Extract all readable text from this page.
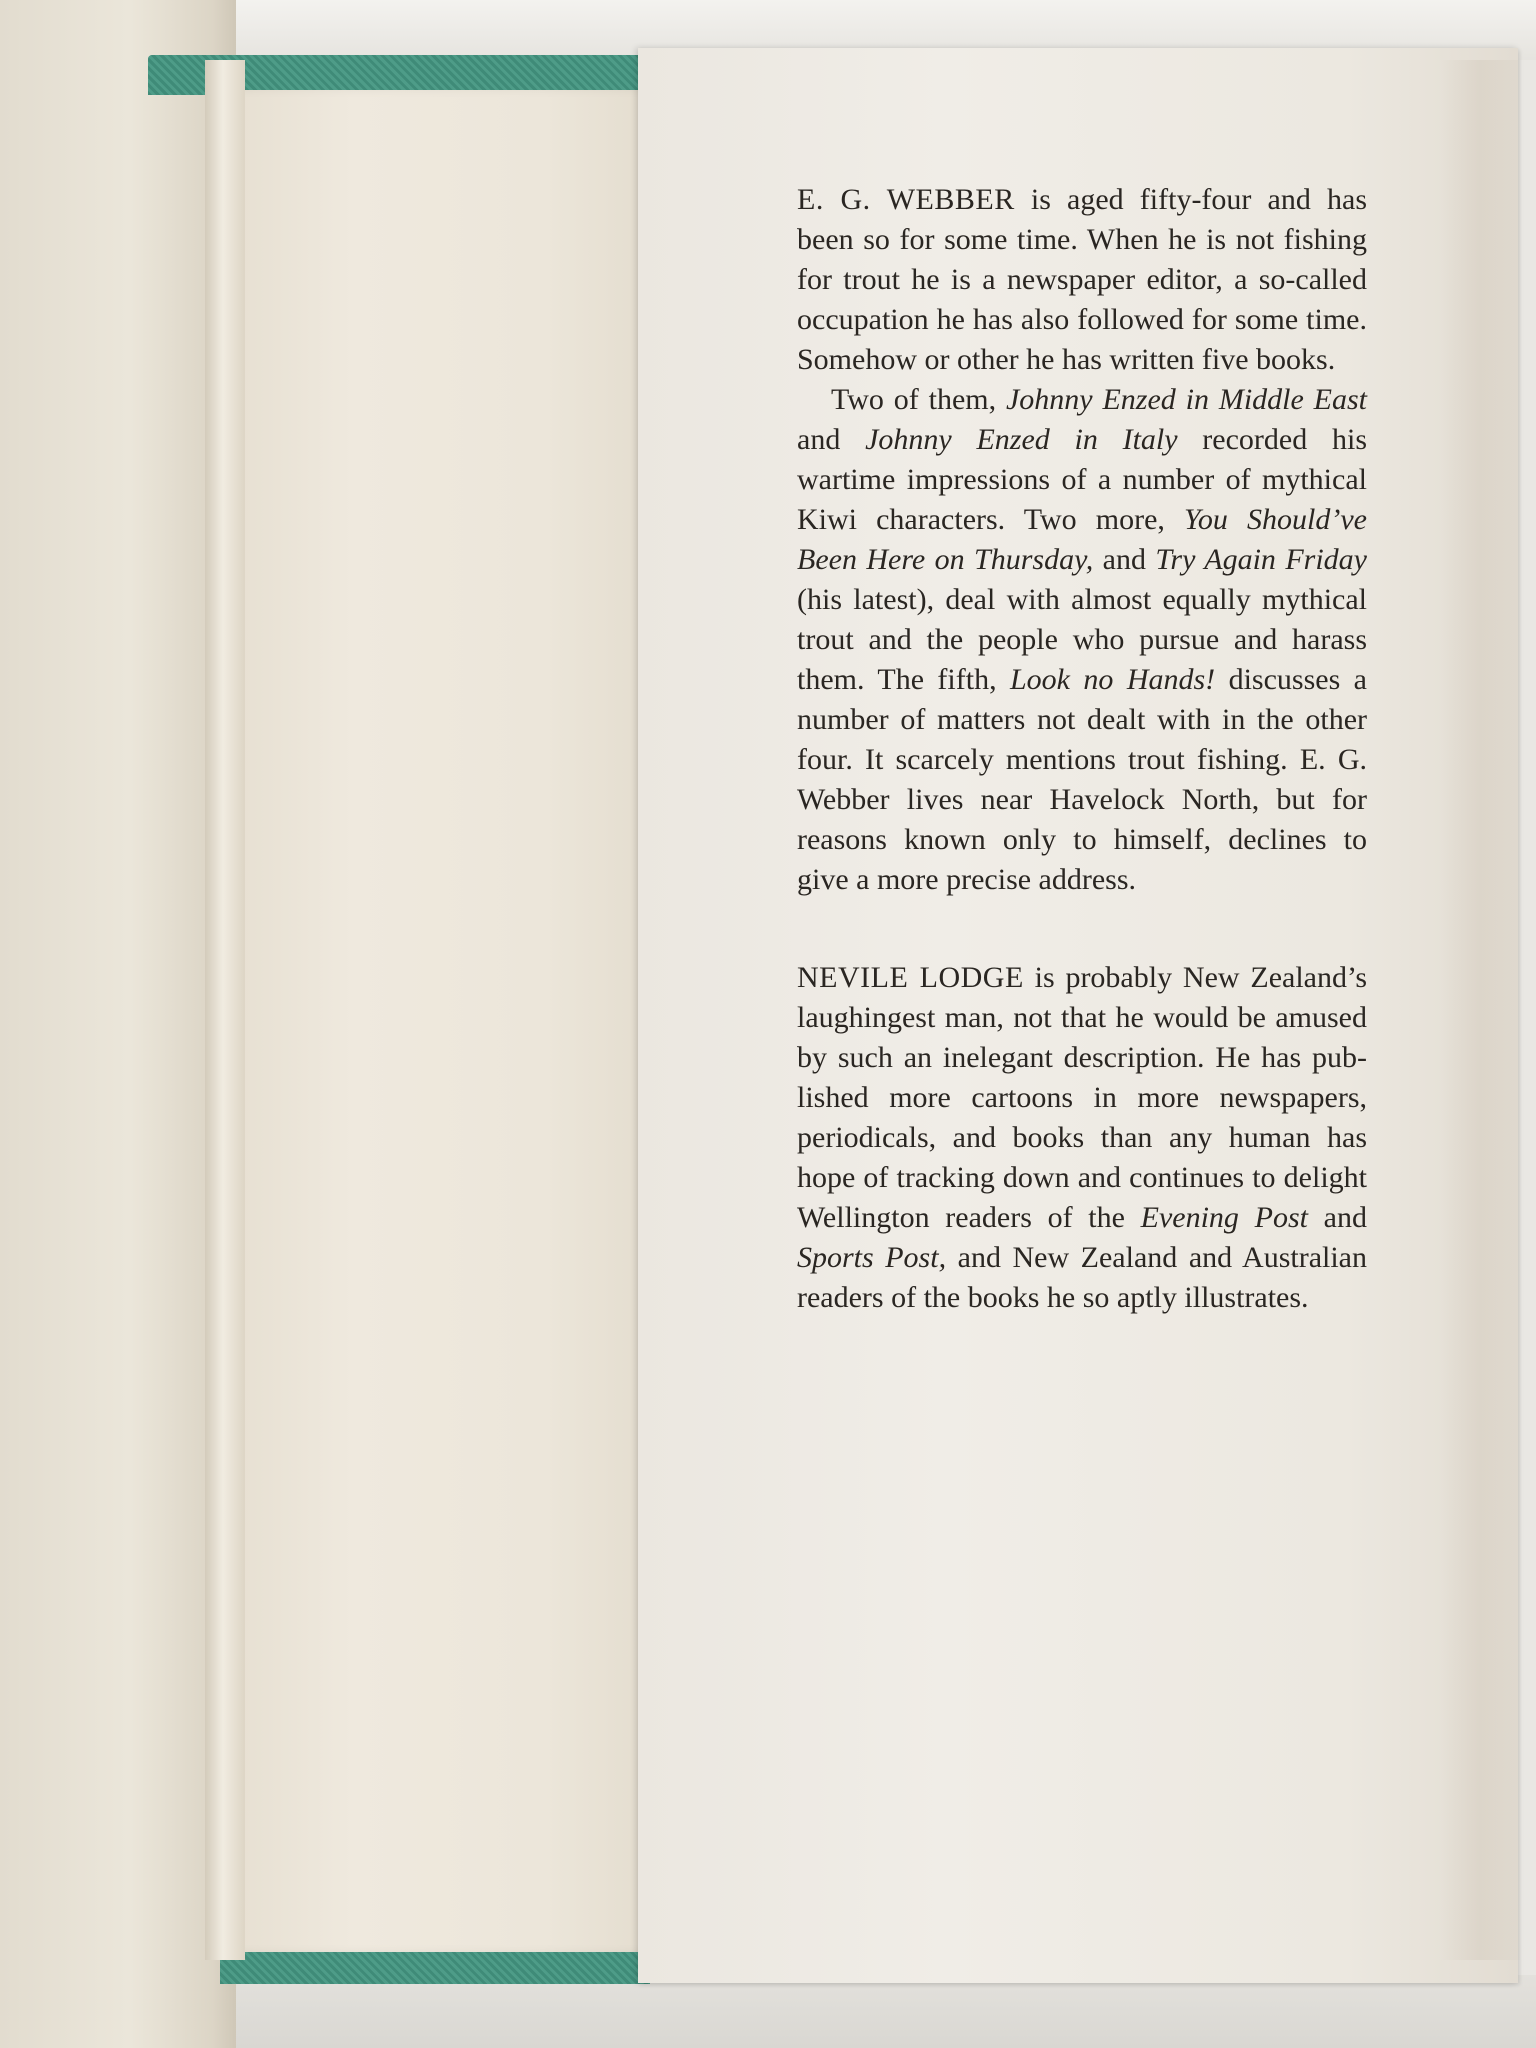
E. G. WEBBER is aged fifty-four and has been so for some time. When he is not fishing for trout he is a newspaper editor, a so-called occupation he has also followed for some time. Somehow or other he has written five books.

Two of them, Johnny Enzed in Middle East and Johnny Enzed in Italy recorded his wartime impressions of a number of mythical Kiwi characters. Two more, You Should’ve Been Here on Thursday, and Try Again Friday (his latest), deal with almost equally mythical trout and the people who pursue and harass them. The fifth, Look no Hands! discusses a number of matters not dealt with in the other four. It scarcely mentions trout fishing. E. G. Webber lives near Havelock North, but for reasons known only to himself, declines to give a more precise address.

NEVILE LODGE is probably New Zealand’s laughingest man, not that he would be amused by such an inelegant description. He has published more cartoons in more newspapers, periodicals, and books than any human has hope of tracking down and continues to delight Wellington readers of the Evening Post and Sports Post, and New Zealand and Australian readers of the books he so aptly illustrates.
